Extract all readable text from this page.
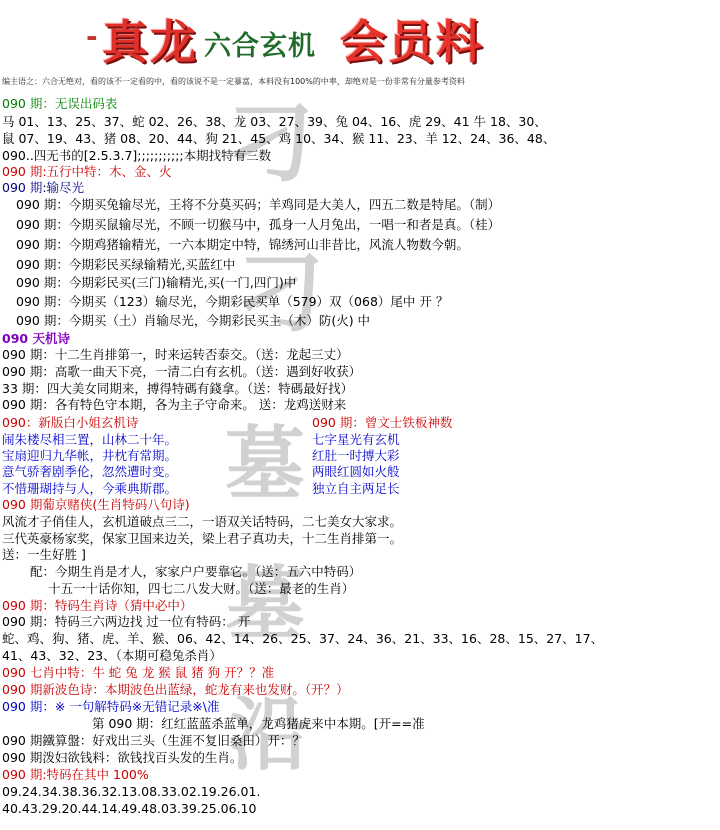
- 真龙 六合玄机 会员料
编主语之：六合无绝对，看的该不一定看的中，看的该说不是一定暴富，本料没有100%的中率，却绝对是一份非常有分量参考资料
刁
刁
墓
墓
沿
090 期：无误出码表
马 01、13、25、37、蛇 02、26、38、龙 03、27、39、兔 04、16、虎 29、41 牛 18、30、
鼠 07、19、43、猪 08、20、44、狗 21、45、鸡 10、34、猴 11、23、羊 12、24、36、48、
090..四无书的[2.5.3.7];;;;;;;;;;;本期找特有三数
090 期:五行中特：木、金、火
090 期:输尽光
090 期：今期买兔输尽光，王将不分莫买码；羊鸡同是大美人，四五二数是特尾。（制）
090 期：今期买鼠输尽光，不顾一切猴马中，孤身一人月兔出，一唱一和者是真。（桂）
090 期：今期鸡猪输精光，一六本期定中特，锦绣河山非昔比，风流人物数今朝。
090 期：今期彩民买绿输精光,买蓝红中
090 期：今期彩民买(三门)输精光,买(一门,四门)中
090 期：今期买（123）输尽光，今期彩民买单（579）双（068）尾中 开 ？
090 期：今期买（土）肖输尽光，今期彩民买主（木）防(火) 中
090 天机诗
090 期：十二生肖排第一，时来运转否泰交。（送：龙起三丈）
090 期：高歌一曲天下亮，一清二白有玄机。（送：遇到好收获）
33 期：四大美女同期来，搏得特碼有錢拿。（送：特碼最好找）
090 期：各有特色守本期，各为主子守命来。 送：龙鸡送财来
090：新版白小姐玄机诗	090 期：曾文士铁板神数
闹朱楼尽相三置，山林二十年。	七字星光有玄机
宝扇迎归九华帐，井枕有常期。	红肚一时搏大彩
意气骄奢剧季伦，忽然遭时变。	两眼红圆如火般
不惜珊瑚持与人，今乘典斯郡。	独立自主两足长
090 期葡京赌侠(生肖特码八句诗)
风流才子俏佳人，玄机道破点三二，一语双关话特码，二七美女大家求。
三代英豪杨家奖，保家卫国来边关，梁上君子真功夫，十二生肖排第一。
送：一生好胜 ]
配：今期生肖是才人，家家户户要靠它。（送：五六中特码）
十五一十话你知，四七二八发大财。（送：最老的生肖）
090 期：特码生肖诗（猜中必中）
090 期：特码三六两边找 过一位有特码： 开
蛇、鸡、狗、猪、虎、羊、猴、06、42、14、26、25、37、24、36、21、33、16、28、15、27、17、
41、43、32、23、（本期可稳兔杀肖）
090 七肖中特：牛 蛇 兔 龙 猴 鼠 猪 狗 开？？准
090 期新波色诗：本期波色出蓝绿，蛇龙有来也发财。（开？）
090 期：※ 一句解特码※无错记录※\准
第 090 期：红红蓝蓝杀蓝单，龙鸡猪虎来中本期。[开==准
090 期鐵算盤：好戏出三头（生涯不复旧桑田）开：？
090 期泼妇欲钱料：欲钱找百头发的生肖。
090 期:特码在其中 100%
09.24.34.38.36.32.13.08.33.02.19.26.01.
40.43.29.20.44.14.49.48.03.39.25.06.10
